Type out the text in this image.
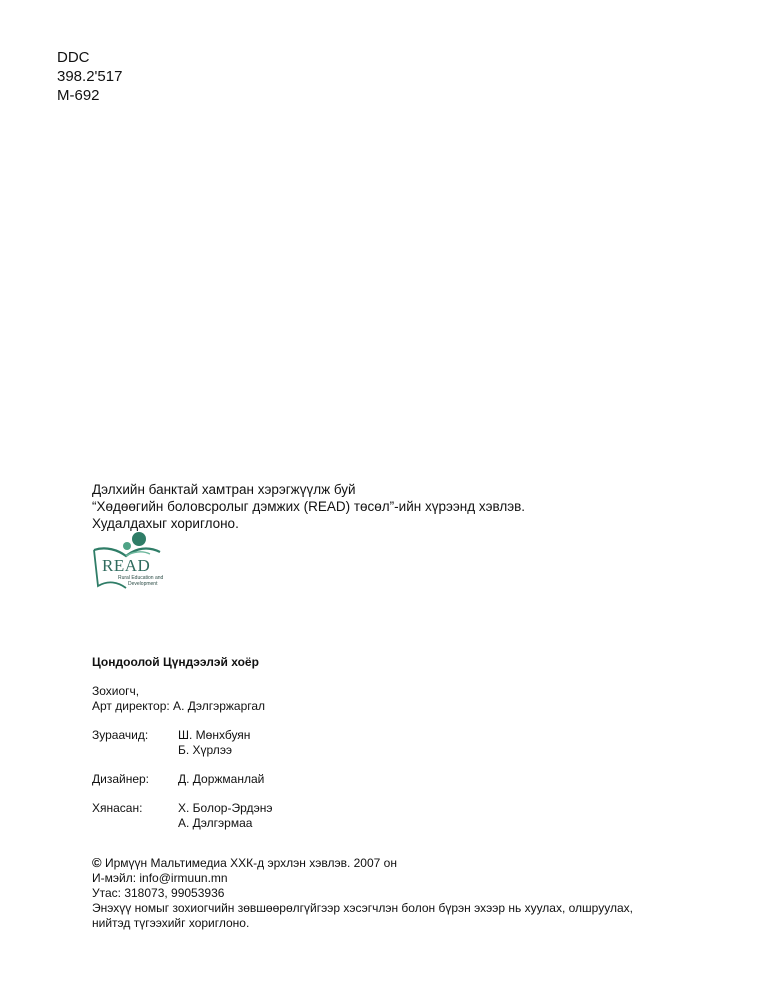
DDC
398.2'517
M-692
Дэлхийн банктай хамтран хэрэгжүүлж буй
“Хөдөөгийн боловсролыг дэмжих (READ) төсөл”-ийн хүрээнд хэвлэв.
Худалдахыг хориглоно.
READ
Rural Education and
Development
Цондоолой Цүндээлэй хоёр
Зохиогч,
Арт директор: А. Дэлгэржаргал
Зураачид:	Ш. Мөнхбуян
Б. Хүрлээ
Дизайнер:	Д. Доржманлай
Хянасан:	Х. Болор-Эрдэнэ
А. Дэлгэрмаа
© Ирмүүн Мальтимедиа ХХК-д эрхлэн хэвлэв. 2007 он
И-мэйл: info@irmuun.mn
Утас: 318073, 99053936
Энэхүү номыг зохиогчийн зөвшөөрөлгүйгээр хэсэгчлэн болон бүрэн эхээр нь хуулах, олшруулах,
нийтэд түгээхийг хориглоно.
